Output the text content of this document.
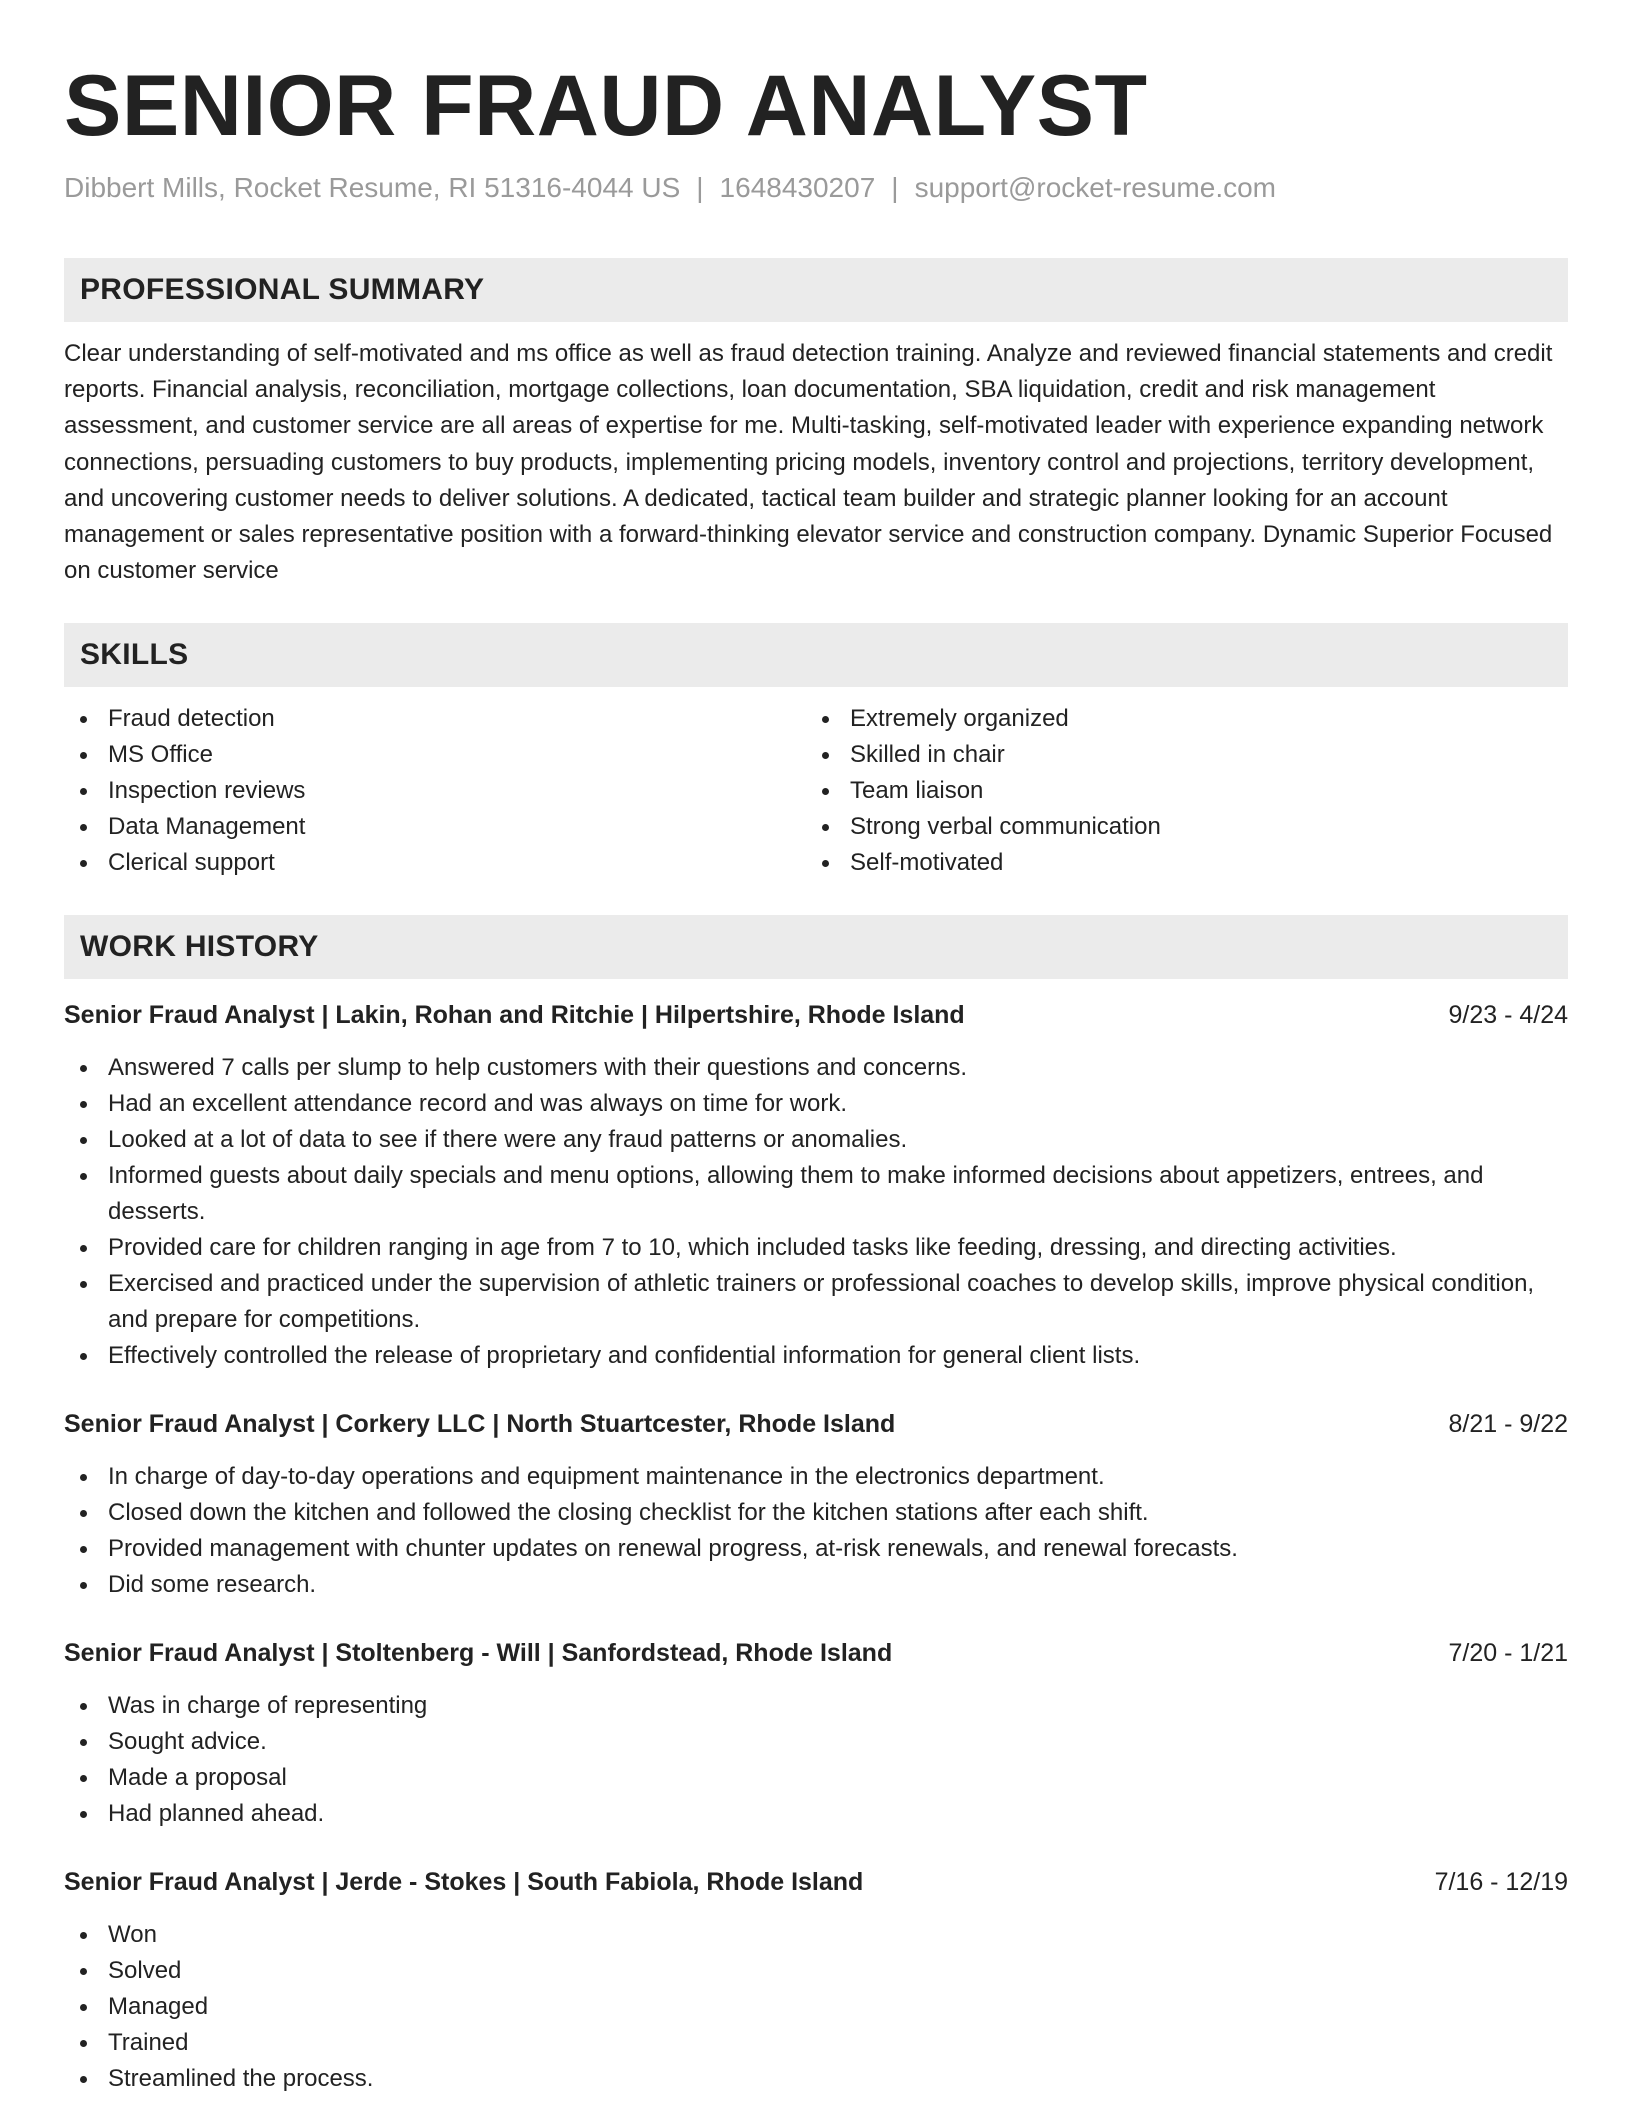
SENIOR FRAUD ANALYST
Dibbert Mills, Rocket Resume, RI 51316-4044 US | 1648430207 | support@rocket-resume.com
PROFESSIONAL SUMMARY

Clear understanding of self-motivated and ms office as well as fraud detection training. Analyze and reviewed financial statements and credit reports. Financial analysis, reconciliation, mortgage collections, loan documentation, SBA liquidation, credit and risk management assessment, and customer service are all areas of expertise for me. Multi-tasking, self-motivated leader with experience expanding network connections, persuading customers to buy products, implementing pricing models, inventory control and projections, territory development, and uncovering customer needs to deliver solutions. A dedicated, tactical team builder and strategic planner looking for an account management or sales representative position with a forward-thinking elevator service and construction company. Dynamic Superior Focused on customer service

SKILLS
Fraud detection
MS Office
Inspection reviews
Data Management
Clerical support
Extremely organized
Skilled in chair
Team liaison
Strong verbal communication
Self-motivated
WORK HISTORY
Senior Fraud Analyst | Lakin, Rohan and Ritchie | Hilpertshire, Rhode Island	9/23 - 4/24
Answered 7 calls per slump to help customers with their questions and concerns.
Had an excellent attendance record and was always on time for work.
Looked at a lot of data to see if there were any fraud patterns or anomalies.
Informed guests about daily specials and menu options, allowing them to make informed decisions about appetizers, entrees, and desserts.
Provided care for children ranging in age from 7 to 10, which included tasks like feeding, dressing, and directing activities.
Exercised and practiced under the supervision of athletic trainers or professional coaches to develop skills, improve physical condition, and prepare for competitions.
Effectively controlled the release of proprietary and confidential information for general client lists.
Senior Fraud Analyst | Corkery LLC | North Stuartcester, Rhode Island	8/21 - 9/22
In charge of day-to-day operations and equipment maintenance in the electronics department.
Closed down the kitchen and followed the closing checklist for the kitchen stations after each shift.
Provided management with chunter updates on renewal progress, at-risk renewals, and renewal forecasts.
Did some research.
Senior Fraud Analyst | Stoltenberg - Will | Sanfordstead, Rhode Island	7/20 - 1/21
Was in charge of representing
Sought advice.
Made a proposal
Had planned ahead.
Senior Fraud Analyst | Jerde - Stokes | South Fabiola, Rhode Island	7/16 - 12/19
Won
Solved
Managed
Trained
Streamlined the process.
